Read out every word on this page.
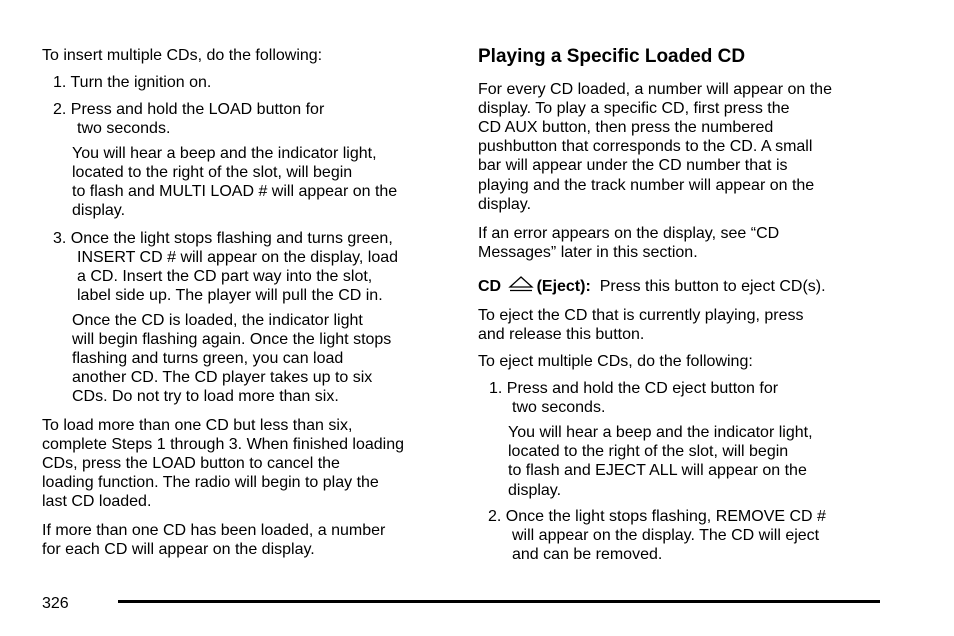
To insert multiple CDs, do the following:
1. Turn the ignition on.
2. Press and hold the LOAD button for
two seconds.
You will hear a beep and the indicator light,
located to the right of the slot, will begin
to flash and MULTI LOAD # will appear on the
display.
3. Once the light stops flashing and turns green,
INSERT CD # will appear on the display, load
a CD. Insert the CD part way into the slot,
label side up. The player will pull the CD in.
Once the CD is loaded, the indicator light
will begin flashing again. Once the light stops
flashing and turns green, you can load
another CD. The CD player takes up to six
CDs. Do not try to load more than six.
To load more than one CD but less than six,
complete Steps 1 through 3. When finished loading
CDs, press the LOAD button to cancel the
loading function. The radio will begin to play the
last CD loaded.
If more than one CD has been loaded, a number
for each CD will appear on the display.
Playing a Specific Loaded CD
For every CD loaded, a number will appear on the
display. To play a specific CD, first press the
CD AUX button, then press the numbered
pushbutton that corresponds to the CD. A small
bar will appear under the CD number that is
playing and the track number will appear on the
display.
If an error appears on the display, see “CD
Messages” later in this section.
CD (Eject): Press this button to eject CD(s).
To eject the CD that is currently playing, press
and release this button.
To eject multiple CDs, do the following:
1. Press and hold the CD eject button for
two seconds.
You will hear a beep and the indicator light,
located to the right of the slot, will begin
to flash and EJECT ALL will appear on the
display.
2. Once the light stops flashing, REMOVE CD #
will appear on the display. The CD will eject
and can be removed.
326
